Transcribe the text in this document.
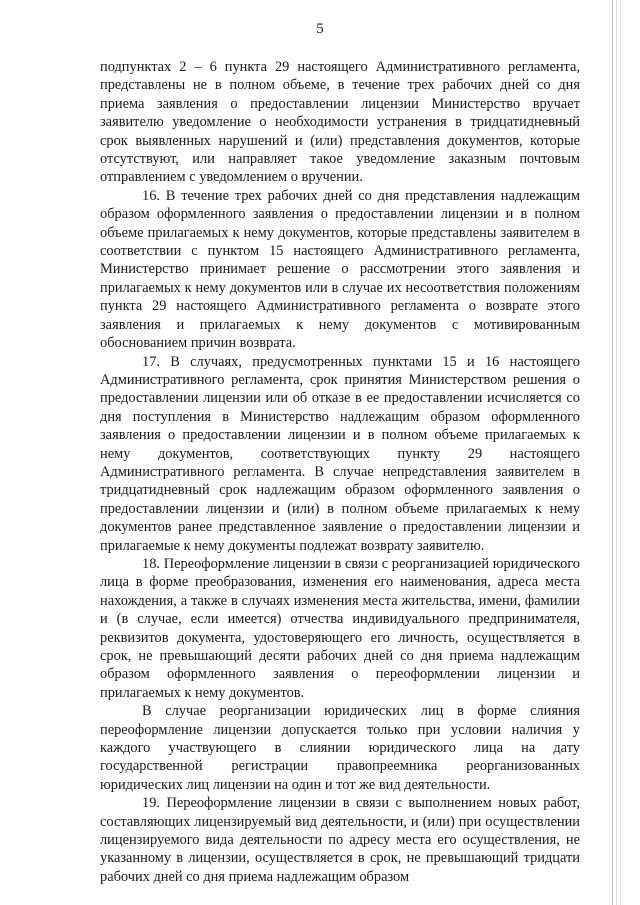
5

подпунктах 2 – 6 пункта 29 настоящего Административного регламента, представлены не в полном объеме, в течение трех рабочих дней со дня приема заявления о предоставлении лицензии Министерство вручает заявителю уведомление о необходимости устранения в тридцатидневный срок выявленных нарушений и (или) представления документов, которые отсутствуют, или направляет такое уведомление заказным почтовым отправлением с уведомлением о вручении.

16. В течение трех рабочих дней со дня представления надлежащим образом оформленного заявления о предоставлении лицензии и в полном объеме прилагаемых к нему документов, которые представлены заявителем в соответствии с пунктом 15 настоящего Административного регламента, Министерство принимает решение о рассмотрении этого заявления и прилагаемых к нему документов или в случае их несоответствия положениям пункта 29 настоящего Административного регламента о возврате этого заявления и прилагаемых к нему документов с мотивированным обоснованием причин возврата.

17. В случаях, предусмотренных пунктами 15 и 16 настоящего Административного регламента, срок принятия Министерством решения о предоставлении лицензии или об отказе в ее предоставлении исчисляется со дня поступления в Министерство надлежащим образом оформленного заявления о предоставлении лицензии и в полном объеме прилагаемых к нему документов, соответствующих пункту 29 настоящего Административного регламента. В случае непредставления заявителем в тридцатидневный срок надлежащим образом оформленного заявления о предоставлении лицензии и (или) в полном объеме прилагаемых к нему документов ранее представленное заявление о предоставлении лицензии и прилагаемые к нему документы подлежат возврату заявителю.

18. Переоформление лицензии в связи с реорганизацией юридического лица в форме преобразования, изменения его наименования, адреса места нахождения, а также в случаях изменения места жительства, имени, фамилии и (в случае, если имеется) отчества индивидуального предпринимателя, реквизитов документа, удостоверяющего его личность, осуществляется в срок, не превышающий десяти рабочих дней со дня приема надлежащим образом оформленного заявления о переоформлении лицензии и прилагаемых к нему документов.

В случае реорганизации юридических лиц в форме слияния переоформление лицензии допускается только при условии наличия у каждого участвующего в слиянии юридического лица на дату государственной регистрации правопреемника реорганизованных юридических лиц лицензии на один и тот же вид деятельности.

19. Переоформление лицензии в связи с выполнением новых работ, составляющих лицензируемый вид деятельности, и (или) при осуществлении лицензируемого вида деятельности по адресу места его осуществления, не указанному в лицензии, осуществляется в срок, не превышающий тридцати рабочих дней со дня приема надлежащим образом
